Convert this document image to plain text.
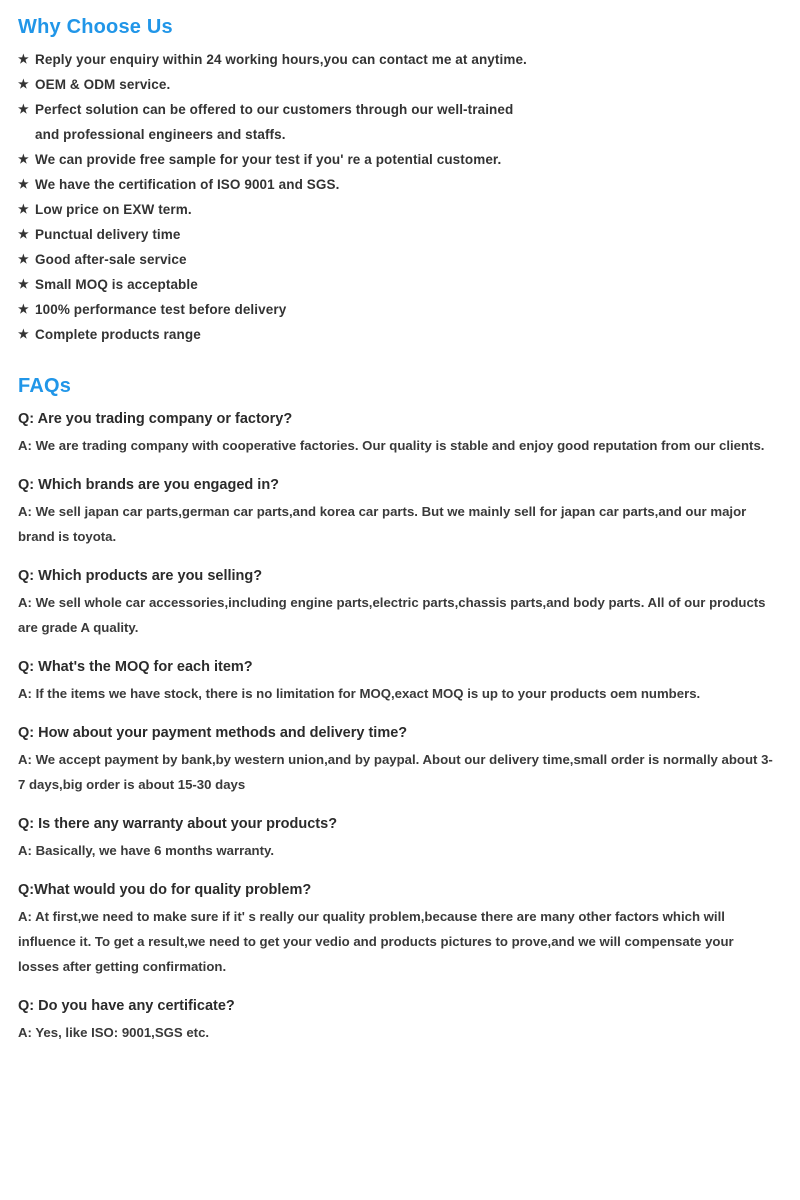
Why Choose Us
★ Reply your enquiry within 24 working hours,you can contact me at anytime.
★ OEM & ODM service.
★ Perfect solution can be offered to our customers through our well-trained
and professional engineers and staffs.
★ We can provide free sample for your test if you' re a potential customer.
★ We have the certification of ISO 9001 and SGS.
★ Low price on EXW term.
★ Punctual delivery time
★ Good after-sale service
★ Small MOQ is acceptable
★ 100% performance test before delivery
★ Complete products range
FAQs
Q: Are you trading company or factory?
A: We are trading company with cooperative factories. Our quality is stable and enjoy good reputation from our clients.
Q: Which brands are you engaged in?
A: We sell japan car parts,german car parts,and korea car parts. But we mainly sell for japan car parts,and our major brand is toyota.
Q: Which products are you selling?
A: We sell whole car accessories,including engine parts,electric parts,chassis parts,and body parts. All of our products are grade A quality.
Q: What's the MOQ for each item?
A: If the items we have stock, there is no limitation for MOQ,exact MOQ is up to your products oem numbers.
Q: How about your payment methods and delivery time?
A: We accept payment by bank,by western union,and by paypal. About our delivery time,small order is normally about 3-7 days,big order is about 15-30 days
Q: Is there any warranty about your products?
A: Basically, we have 6 months warranty.
Q:What would you do for quality problem?
A: At first,we need to make sure if it' s really our quality problem,because there are many other factors which will influence it. To get a result,we need to get your vedio and products pictures to prove,and we will compensate your losses after getting confirmation.
Q: Do you have any certificate?
A: Yes, like ISO: 9001,SGS etc.
